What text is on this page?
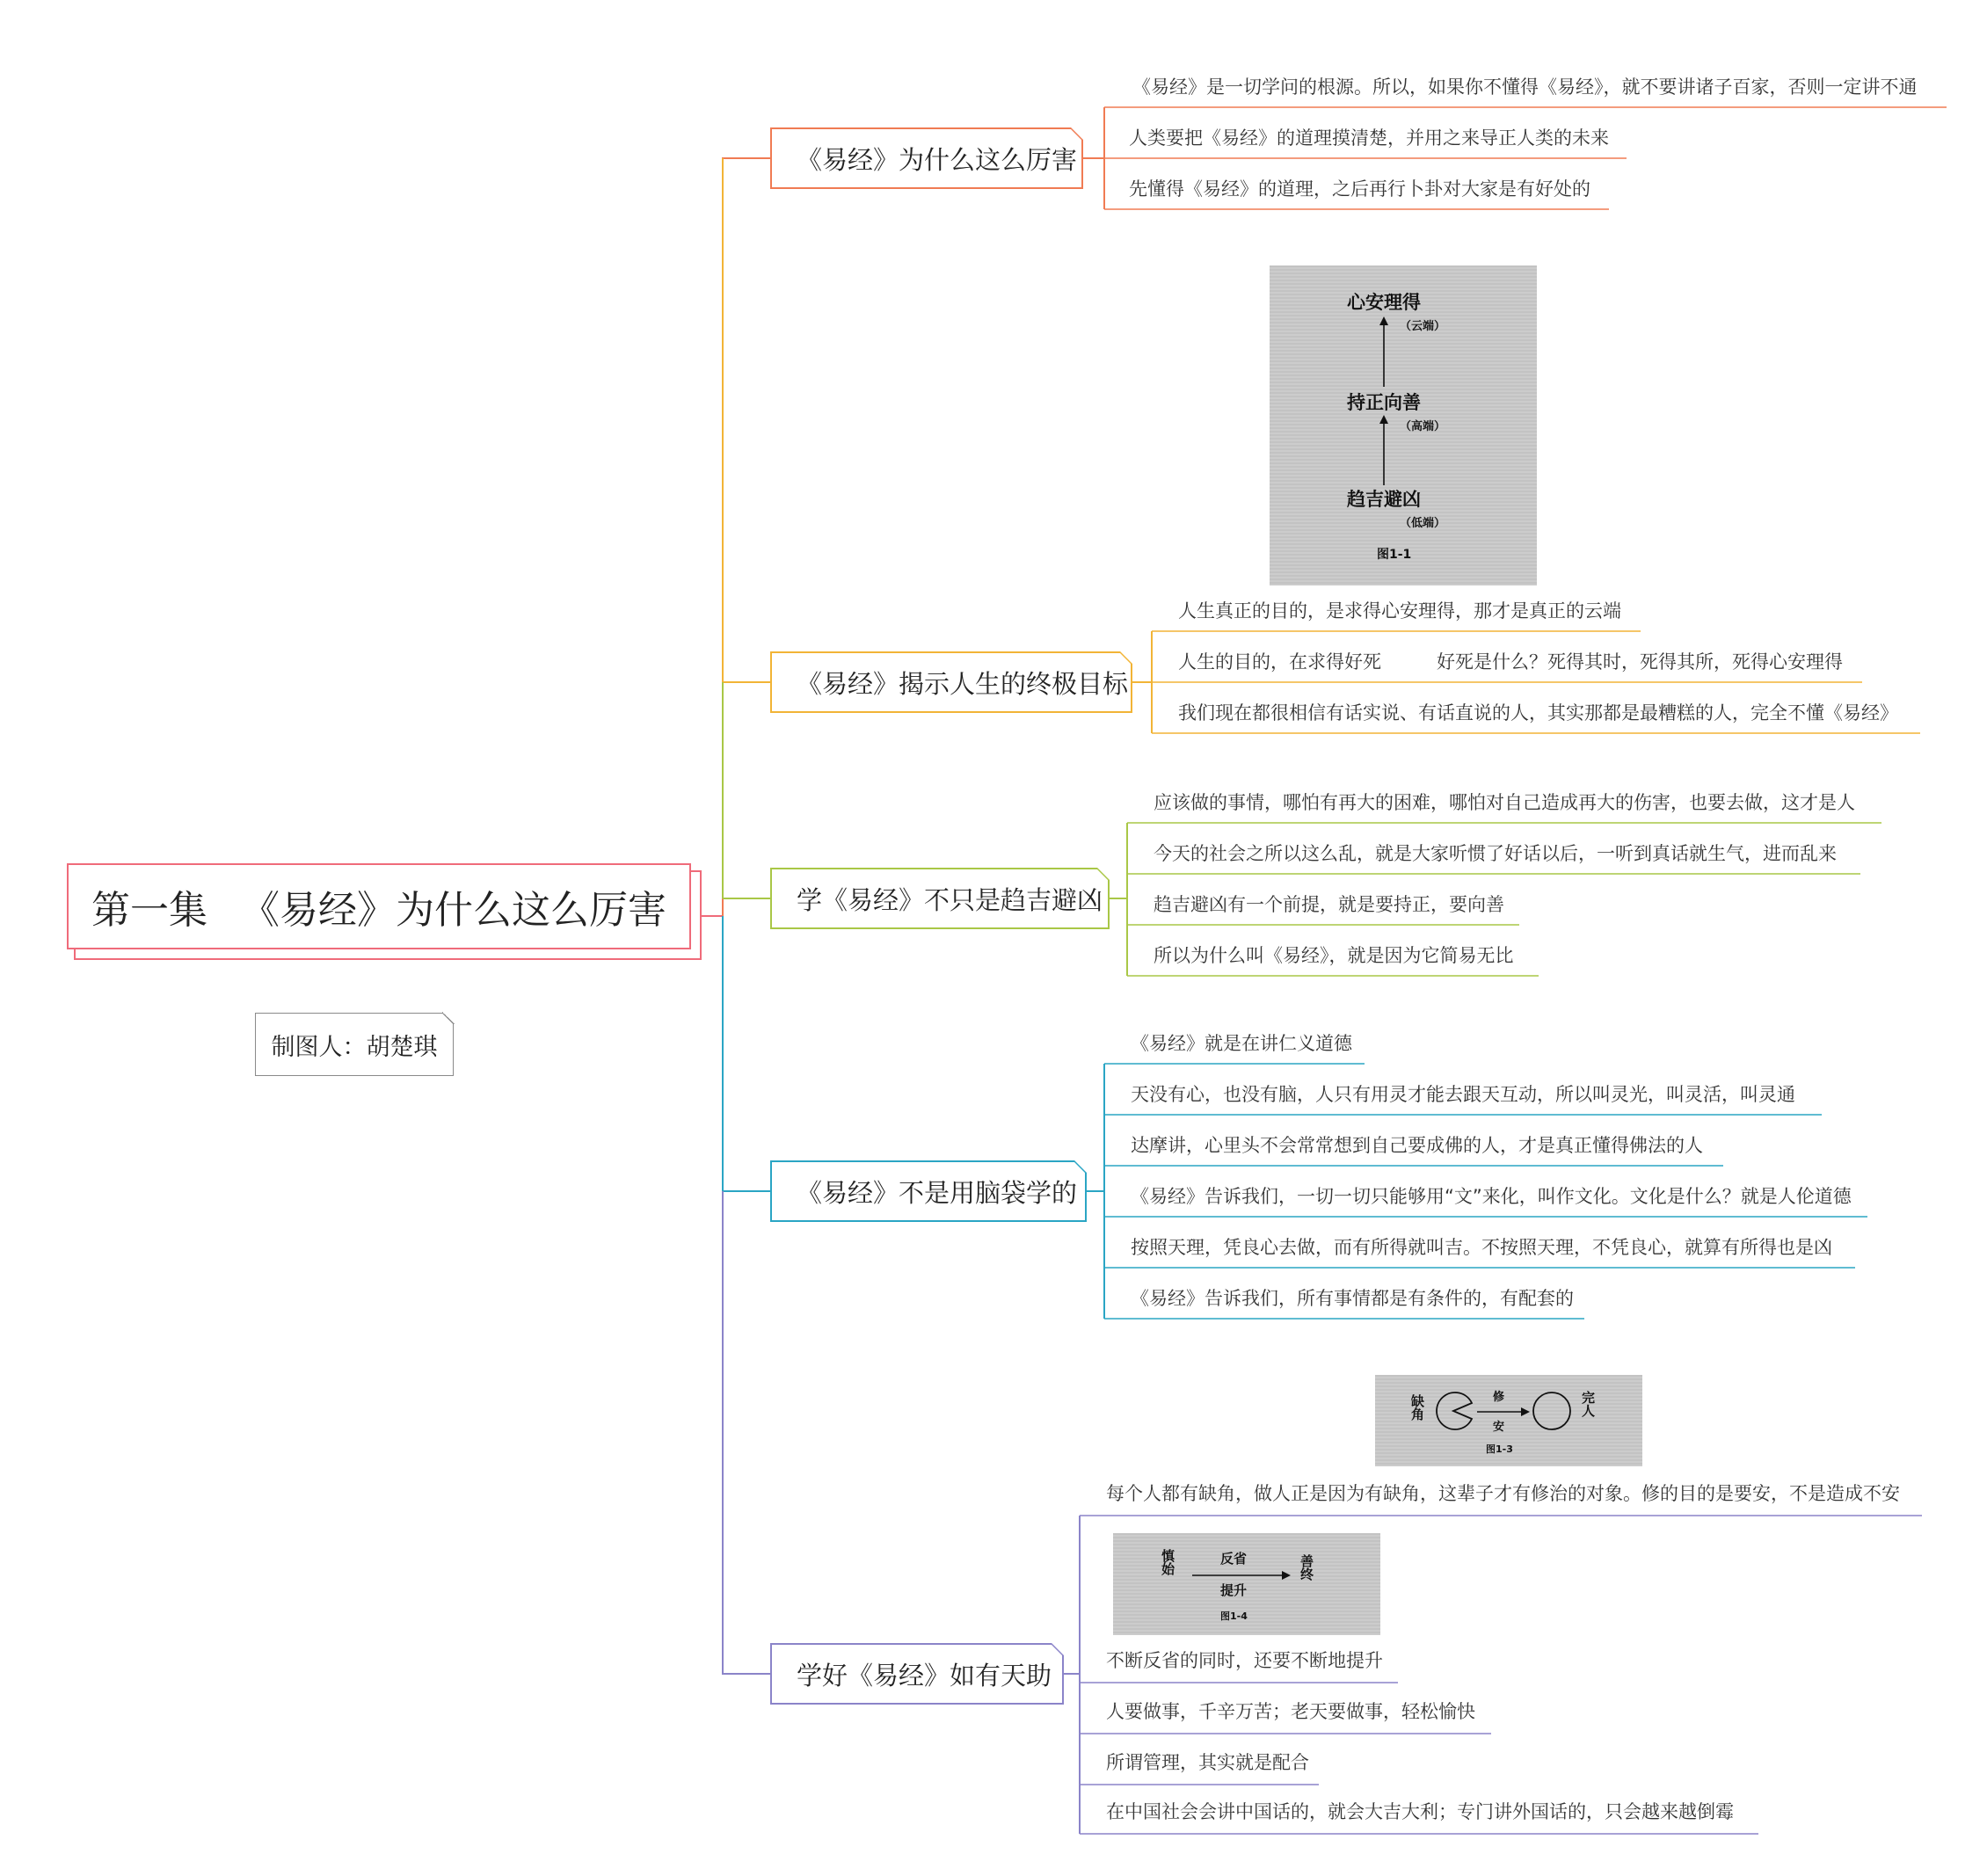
第一集 《易经》为什么这么厉害
制图人：胡楚琪
《易经》为什么这么厉害
《易经》是一切学问的根源。所以，如果你不懂得《易经》，就不要讲诸子百家，否则一定讲不通
人类要把《易经》的道理摸清楚，并用之来导正人类的未来
先懂得《易经》的道理，之后再行卜卦对大家是有好处的
心安理得
（云端）
持正向善
（高端）
趋吉避凶
（低端）
图1-1
《易经》揭示人生的终极目标
人生真正的目的，是求得心安理得，那才是真正的云端
人生的目的，在求得好死	好死是什么？死得其时，死得其所，死得心安理得
我们现在都很相信有话实说、有话直说的人，其实那都是最糟糕的人，完全不懂《易经》
学《易经》不只是趋吉避凶
应该做的事情，哪怕有再大的困难，哪怕对自己造成再大的伤害，也要去做，这才是人
今天的社会之所以这么乱，就是大家听惯了好话以后，一听到真话就生气，进而乱来
趋吉避凶有一个前提，就是要持正，要向善
所以为什么叫《易经》，就是因为它简易无比
《易经》不是用脑袋学的
《易经》就是在讲仁义道德
天没有心，也没有脑，人只有用灵才能去跟天互动，所以叫灵光，叫灵活，叫灵通
达摩讲，心里头不会常常想到自己要成佛的人，才是真正懂得佛法的人
《易经》告诉我们，一切一切只能够用“文”来化，叫作文化。文化是什么？就是人伦道德
按照天理，凭良心去做，而有所得就叫吉。不按照天理，不凭良心，就算有所得也是凶
《易经》告诉我们，所有事情都是有条件的，有配套的
缺角	修
安
完人
图1-3
学好《易经》如有天助
每个人都有缺角，做人正是因为有缺角，这辈子才有修治的对象。修的目的是要安，不是造成不安
慎始	反省
提升
善终
图1-4
不断反省的同时，还要不断地提升
人要做事，千辛万苦；老天要做事，轻松愉快
所谓管理，其实就是配合
在中国社会会讲中国话的，就会大吉大利；专门讲外国话的，只会越来越倒霉
